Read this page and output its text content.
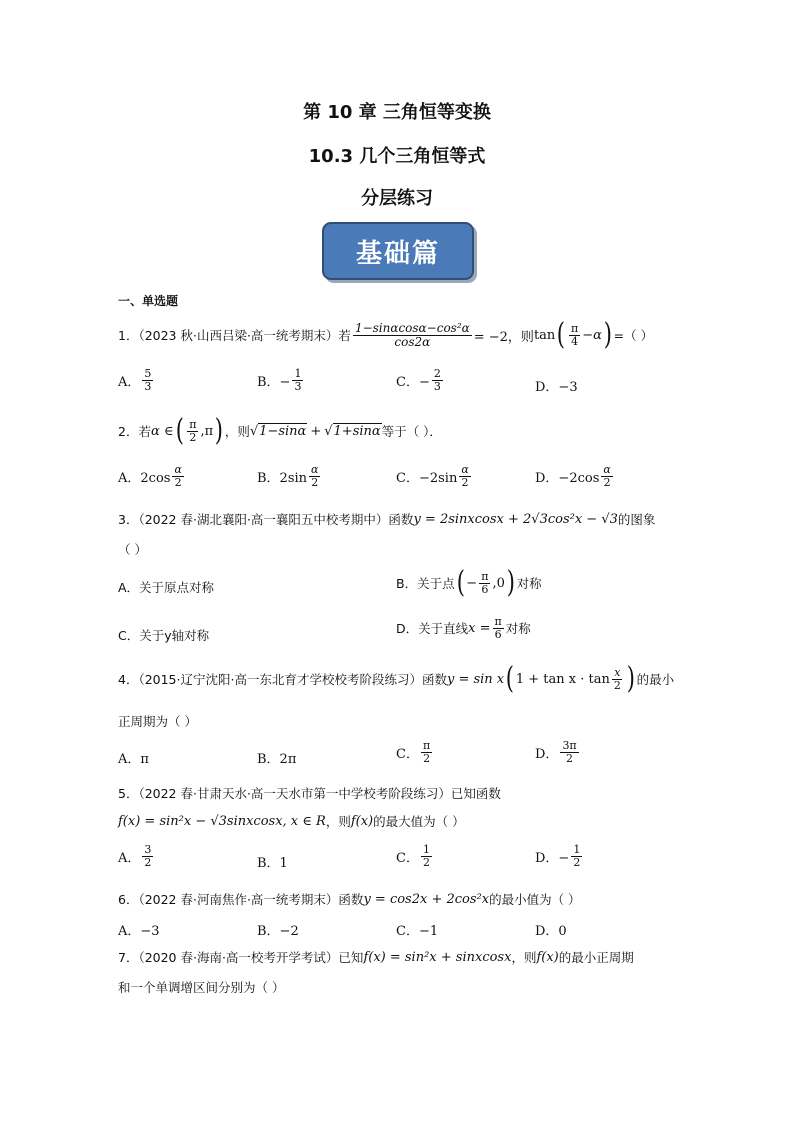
第 10 章 三角恒等变换
10.3 几个三角恒等式
分层练习
基础篇
一、单选题
1．（2023 秋·山西吕梁·高一统考期末）若 $\frac{\text{1−sinαcosα−cos²α}}{\cos 2\alpha} = -2$，则 tan ( $\frac{\pi}{4} -\alpha$ ) =（ ）
A． $\frac{5}{3}$	B．− $\frac{1}{3}$	C．− $\frac{2}{3}$	D．−3
2．若 α ∈ ( $\frac{\pi}{2} ,\pi$ ) ，则 √ 1−sinα + √ 1+sinα 等于（ ）．
A．$2\cos \frac{\alpha}{2}$	B．$2\sin \frac{\alpha}{2}$	C．$-2\sin \frac{\alpha}{2}$	D．$-2\cos \frac{\alpha}{2}$
3．（2022 春·湖北襄阳·高一襄阳五中校考期中）函数 y = 2sinxcosx + 2√3cos²x − √3 的图象
（ ）
A．关于原点对称	B．关于点 ( − $\frac{\pi}{6} ,0$ ) 对称
C．关于y轴对称	D．关于直线 $x = \frac{\pi}{6}$ 对称
4．（2015·辽宁沈阳·高一东北育才学校校考阶段练习）函数 y = sin x ( $1 + \tan x \cdot \tan \frac{x}{2}$ ) 的最小
正周期为（ ）
A．π	B．2π	C． $\frac{\pi}{2}$	D． $\frac{3\pi}{2}$
5．（2022 春·甘肃天水·高一天水市第一中学校考阶段练习）已知函数
f(x) = sin²x − √3sinxcosx, x ∈ R ，则 f(x) 的最大值为（ ）
A． $\frac{3}{2}$	B．1	C． $\frac{1}{2}$	D．− $\frac{1}{2}$
6．（2022 春·河南焦作·高一统考期末）函数 y = cos2x + 2cos²x 的最小值为（ ）
A．−3	B．−2	C．−1	D．0
7．（2020 春·海南·高一校考开学考试）已知 f(x) = sin²x + sinxcosx ，则 f(x) 的最小正周期
和一个单调增区间分别为（ ）
